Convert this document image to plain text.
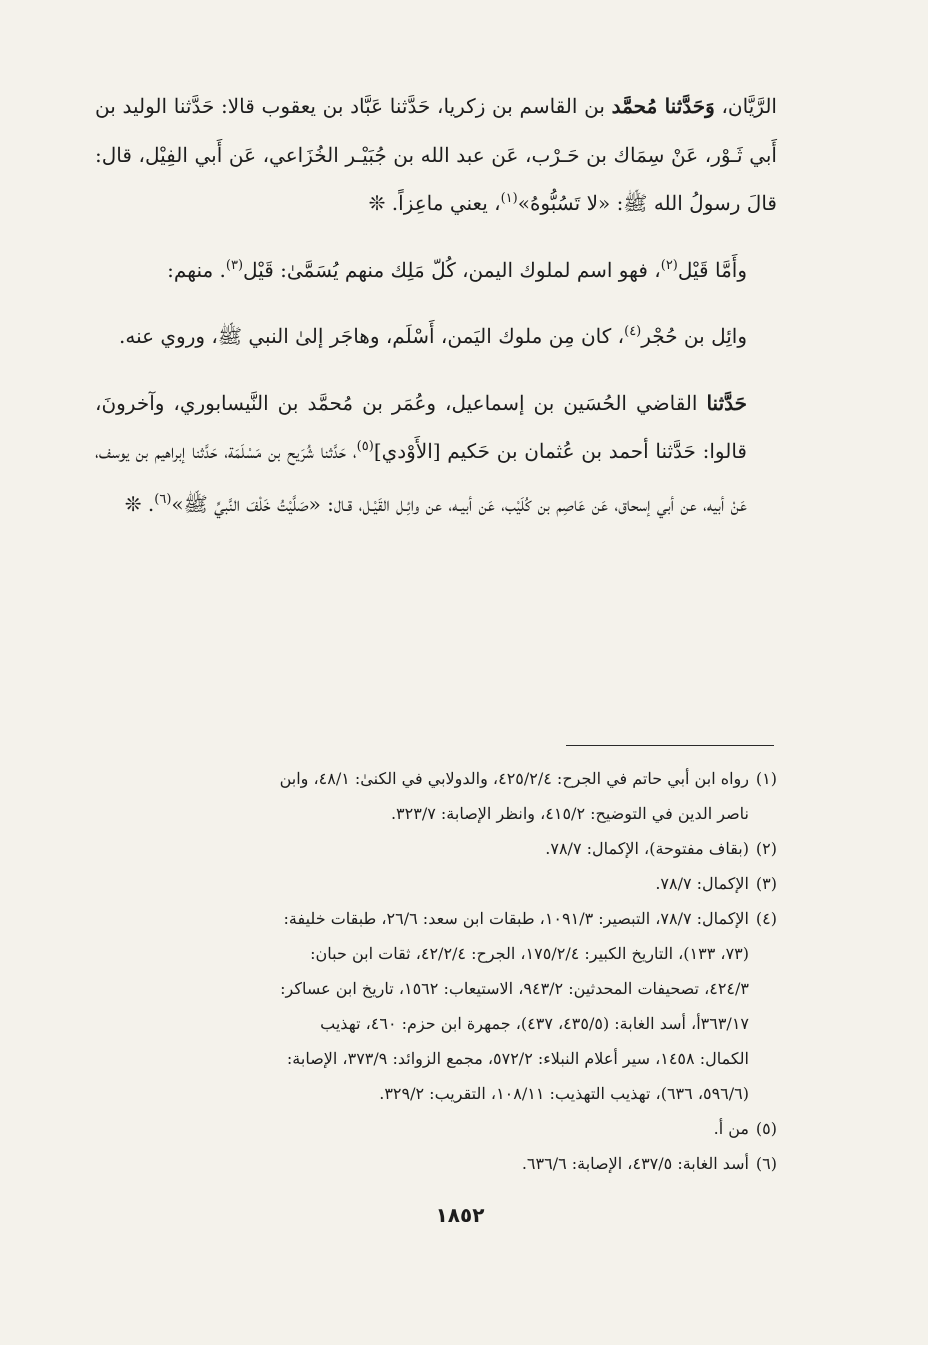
الرَّيَّان، وَحَدَّثنا مُحمَّد بن القاسم بن زكريا، حَدَّثنا عَبَّاد بن يعقوب قالا: حَدَّثنا الوليد بن أَبي ثَـوْر، عَنْ سِمَاك بن حَـرْب، عَن عبد الله بن جُبَيْـر الخُزَاعي، عَن أَبي الفِيْل، قال: قالَ رسولُ الله ﷺ: «لا تَسُبُّوهُ»$^{(١)}$، يعني ماعِزاً. ❊

وأَمَّا قَيْل$^{(٢)}$، فهو اسم لملوك اليمن، كُلّ مَلِك منهم يُسَمَّىٰ: قَيْل$^{(٣)}$. منهم:

وائِل بن حُجْر$^{(٤)}$، كان مِن ملوك اليَمن، أَسْلَم، وهاجَر إلىٰ النبي ﷺ، وروي عنه.

حَدَّثنا القاضي الحُسَين بن إسماعيل، وعُمَر بن مُحمَّد بن النَّيسابوري، وآخرونَ، قالوا: حَدَّثنا أحمد بن عُثمان بن حَكيم [الأَوْدي]$^{(٥)}$، حَدَّثنا شُرَيح بن مَسْلَمَة، حَدَّثنا إبراهيم بن يوسف، عَنْ أبيه، عن أبي إسحاق، عَن عَاصِم بن كُلَيْب، عَن أبيـه، عن وائِـل القَيْـل، قـال: «صَلَّيْتُ خَلْفَ النَّبيِّ ﷺ»$^{(٦)}$. ❊

(١)رواه ابن أبي حاتم في الجرح: ٤٢٥/٢/٤، والدولابي في الكنىٰ: ٤٨/١، وابن

ناصر الدين في التوضيح: ٤١٥/٢، وانظر الإصابة: ٣٢٣/٧.

(٢)(بقاف مفتوحة)، الإكمال: ٧٨/٧.

(٣)الإكمال: ٧٨/٧.

(٤)الإكمال: ٧٨/٧، التبصير: ١٠٩١/٣، طبقات ابن سعد: ٢٦/٦، طبقات خليفة:

(٧٣، ١٣٣)، التاريخ الكبير: ١٧٥/٢/٤، الجرح: ٤٢/٢/٤، ثقات ابن حبان:

٤٢٤/٣، تصحيفات المحدثين: ٩٤٣/٢، الاستيعاب: ١٥٦٢، تاريخ ابن عساكر:

٣٦٣/١٧أ، أسد الغابة: (٤٣٥/٥، ٤٣٧)، جمهرة ابن حزم: ٤٦٠، تهذيب

الكمال: ١٤٥٨، سير أعلام النبلاء: ٥٧٢/٢، مجمع الزوائد: ٣٧٣/٩، الإصابة:

(٥٩٦/٦، ٦٣٦)، تهذيب التهذيب: ١٠٨/١١، التقريب: ٣٢٩/٢.

(٥)من أ.

(٦)أسد الغابة: ٤٣٧/٥، الإصابة: ٦٣٦/٦.

١٨٥٢
